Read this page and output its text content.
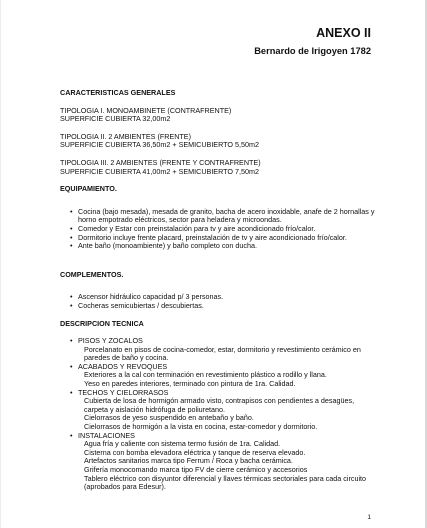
ANEXO II
Bernardo de Irigoyen 1782

CARACTERISTICAS GENERALES

TIPOLOGIA I. MONOAMBINETE (CONTRAFRENTE)

SUPERFICIE CUBIERTA 32,00m2

TIPOLOGIA II. 2 AMBIENTES (FRENTE)

SUPERFICIE CUBIERTA 36,50m2 + SEMICUBIERTO 5,50m2

TIPOLOGIA III. 2 AMBIENTES (FRENTE Y CONTRAFRENTE)

SUPERFICIE CUBIERTA 41,00m2 + SEMICUBIERTO 7,50m2

EQUIPAMIENTO.

• Cocina (bajo mesada), mesada de granito, bacha de acero inoxidable, anafe de 2 hornallas y horno empotrado eléctricos, sector para heladera y microondas.
• Comedor y Estar con preinstalación para tv y aire acondicionado frío/calor.
• Dormitorio incluye frente placard, preinstalación de tv y aire acondicionado frío/calor.
• Ante baño (monoambiente) y baño completo con ducha.

COMPLEMENTOS.

• Ascensor hidráulico capacidad p/ 3 personas.
• Cocheras semicubiertas / descubiertas.

DESCRIPCION TECNICA

• PISOS Y ZOCALOS

Porcelanato en pisos de cocina-comedor, estar, dormitorio y revestimiento cerámico en paredes de baño y cocina.

• ACABADOS Y REVOQUES

Exteriores a la cal con terminación en revestimiento plástico a rodillo y llana.

Yeso en paredes interiores, terminado con pintura de 1ra. Calidad.

• TECHOS Y CIELORRASOS

Cubierta de losa de hormigón armado visto, contrapisos con pendientes a desagües, carpeta y aislación hidrófuga de poliuretano.

Cielorrasos de yeso suspendido en antebaño y baño.

Cielorrasos de hormigón a la vista en cocina, estar-comedor y dormitorio.

• INSTALACIONES

Agua fría y caliente con sistema termo fusión de 1ra. Calidad.

Cisterna con bomba elevadora eléctrica y tanque de reserva elevado.

Artefactos sanitarios marca tipo Ferrum / Roca y bacha cerámica.

Grifería monocomando marca tipo FV de cierre cerámico y accesorios

Tablero eléctrico con disyuntor diferencial y llaves térmicas sectoriales para cada circuito (aprobados para Edesur).

1
